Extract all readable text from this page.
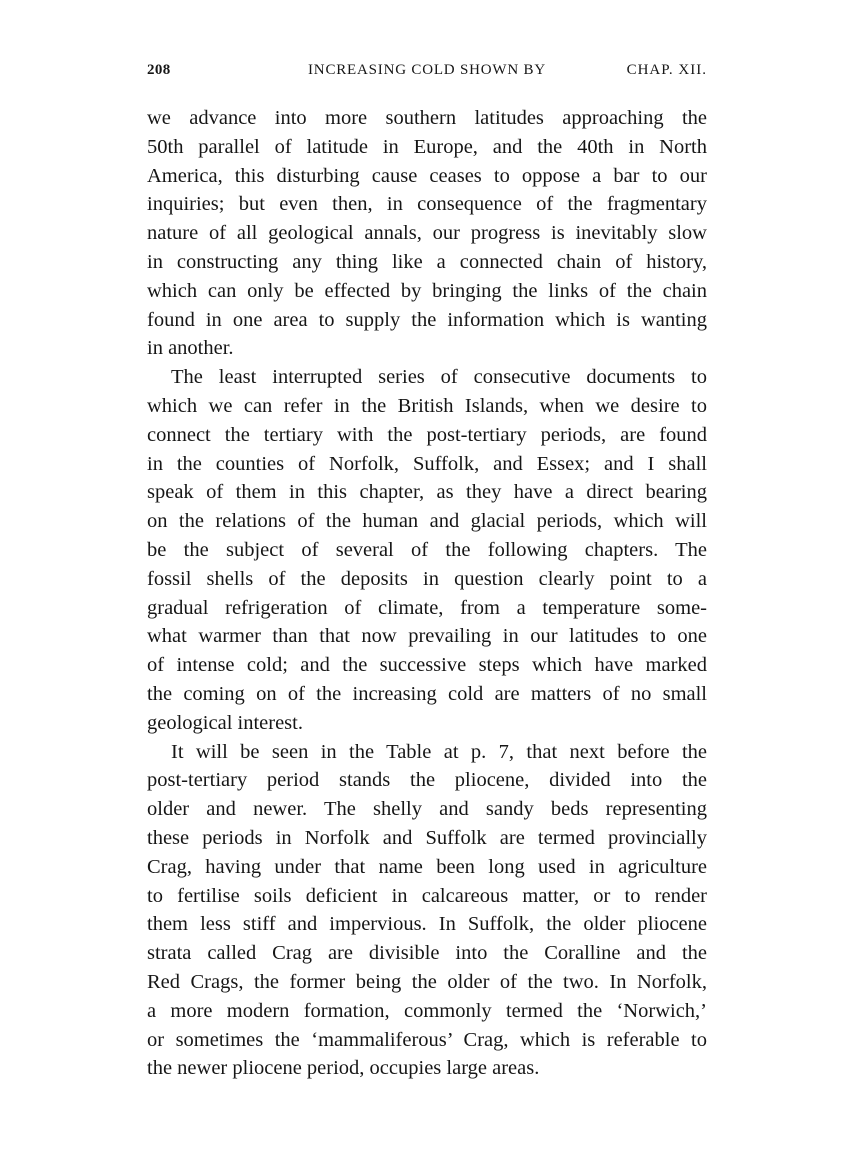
208	INCREASING COLD SHOWN BY	CHAP. XII.

we advance into more southern latitudes approaching the
50th parallel of latitude in Europe, and the 40th in North
America, this disturbing cause ceases to oppose a bar to our
inquiries; but even then, in consequence of the fragmentary
nature of all geological annals, our progress is inevitably slow
in constructing any thing like a connected chain of history,
which can only be effected by bringing the links of the chain
found in one area to supply the information which is wanting
in another.

The least interrupted series of consecutive documents to
which we can refer in the British Islands, when we desire to
connect the tertiary with the post-tertiary periods, are found
in the counties of Norfolk, Suffolk, and Essex; and I shall
speak of them in this chapter, as they have a direct bearing
on the relations of the human and glacial periods, which will
be the subject of several of the following chapters. The
fossil shells of the deposits in question clearly point to a
gradual refrigeration of climate, from a temperature some-
what warmer than that now prevailing in our latitudes to one
of intense cold; and the successive steps which have marked
the coming on of the increasing cold are matters of no small
geological interest.

It will be seen in the Table at p. 7, that next before the
post-tertiary period stands the pliocene, divided into the
older and newer. The shelly and sandy beds representing
these periods in Norfolk and Suffolk are termed provincially
Crag, having under that name been long used in agriculture
to fertilise soils deficient in calcareous matter, or to render
them less stiff and impervious. In Suffolk, the older pliocene
strata called Crag are divisible into the Coralline and the
Red Crags, the former being the older of the two. In Norfolk,
a more modern formation, commonly termed the ‘Norwich,’
or sometimes the ‘mammaliferous’ Crag, which is referable to
the newer pliocene period, occupies large areas.
